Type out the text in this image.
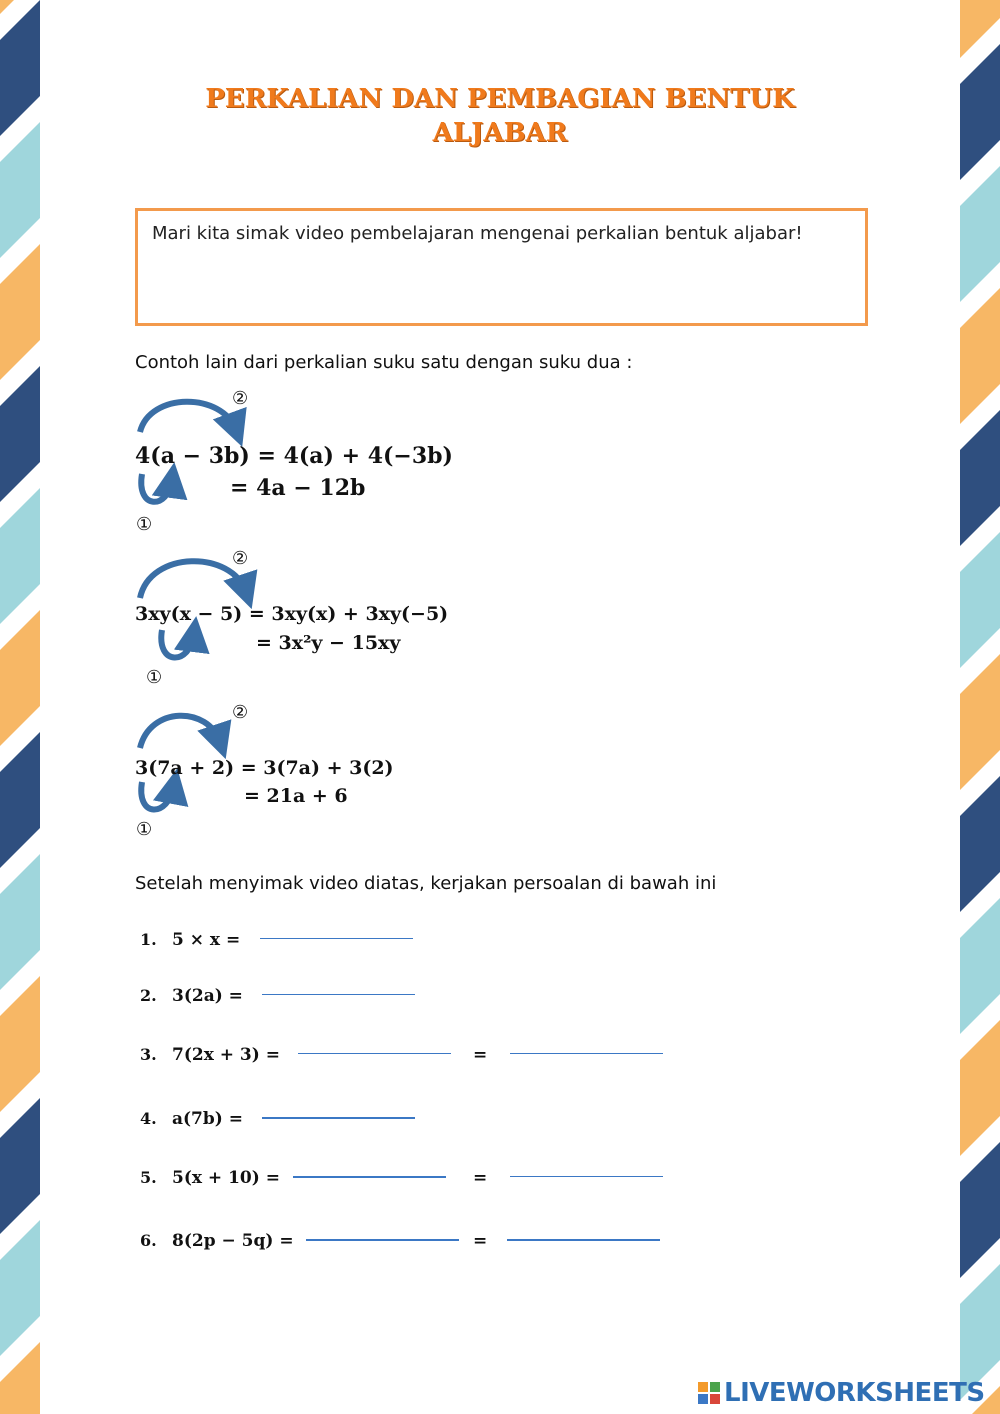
PERKALIAN DAN PEMBAGIAN BENTUK ALJABAR
Mari kita simak video pembelajaran mengenai perkalian bentuk aljabar!
Contoh lain dari perkalian suku satu dengan suku dua :
②
4(a − 3b) = 4(a) + 4(−3b)
= 4a − 12b
①
②
3xy(x − 5) = 3xy(x) + 3xy(−5)
= 3x²y − 15xy
①
②
3(7a + 2) = 3(7a) + 3(2)
= 21a + 6
①
Setelah menyimak video diatas, kerjakan persoalan di bawah ini
1. 5 × x =
2. 3(2a) =
3. 7(2x + 3) =	=
4. a(7b) =
5. 5(x + 10) =	=
6. 8(2p − 5q) =	=
LIVEWORKSHEETS
